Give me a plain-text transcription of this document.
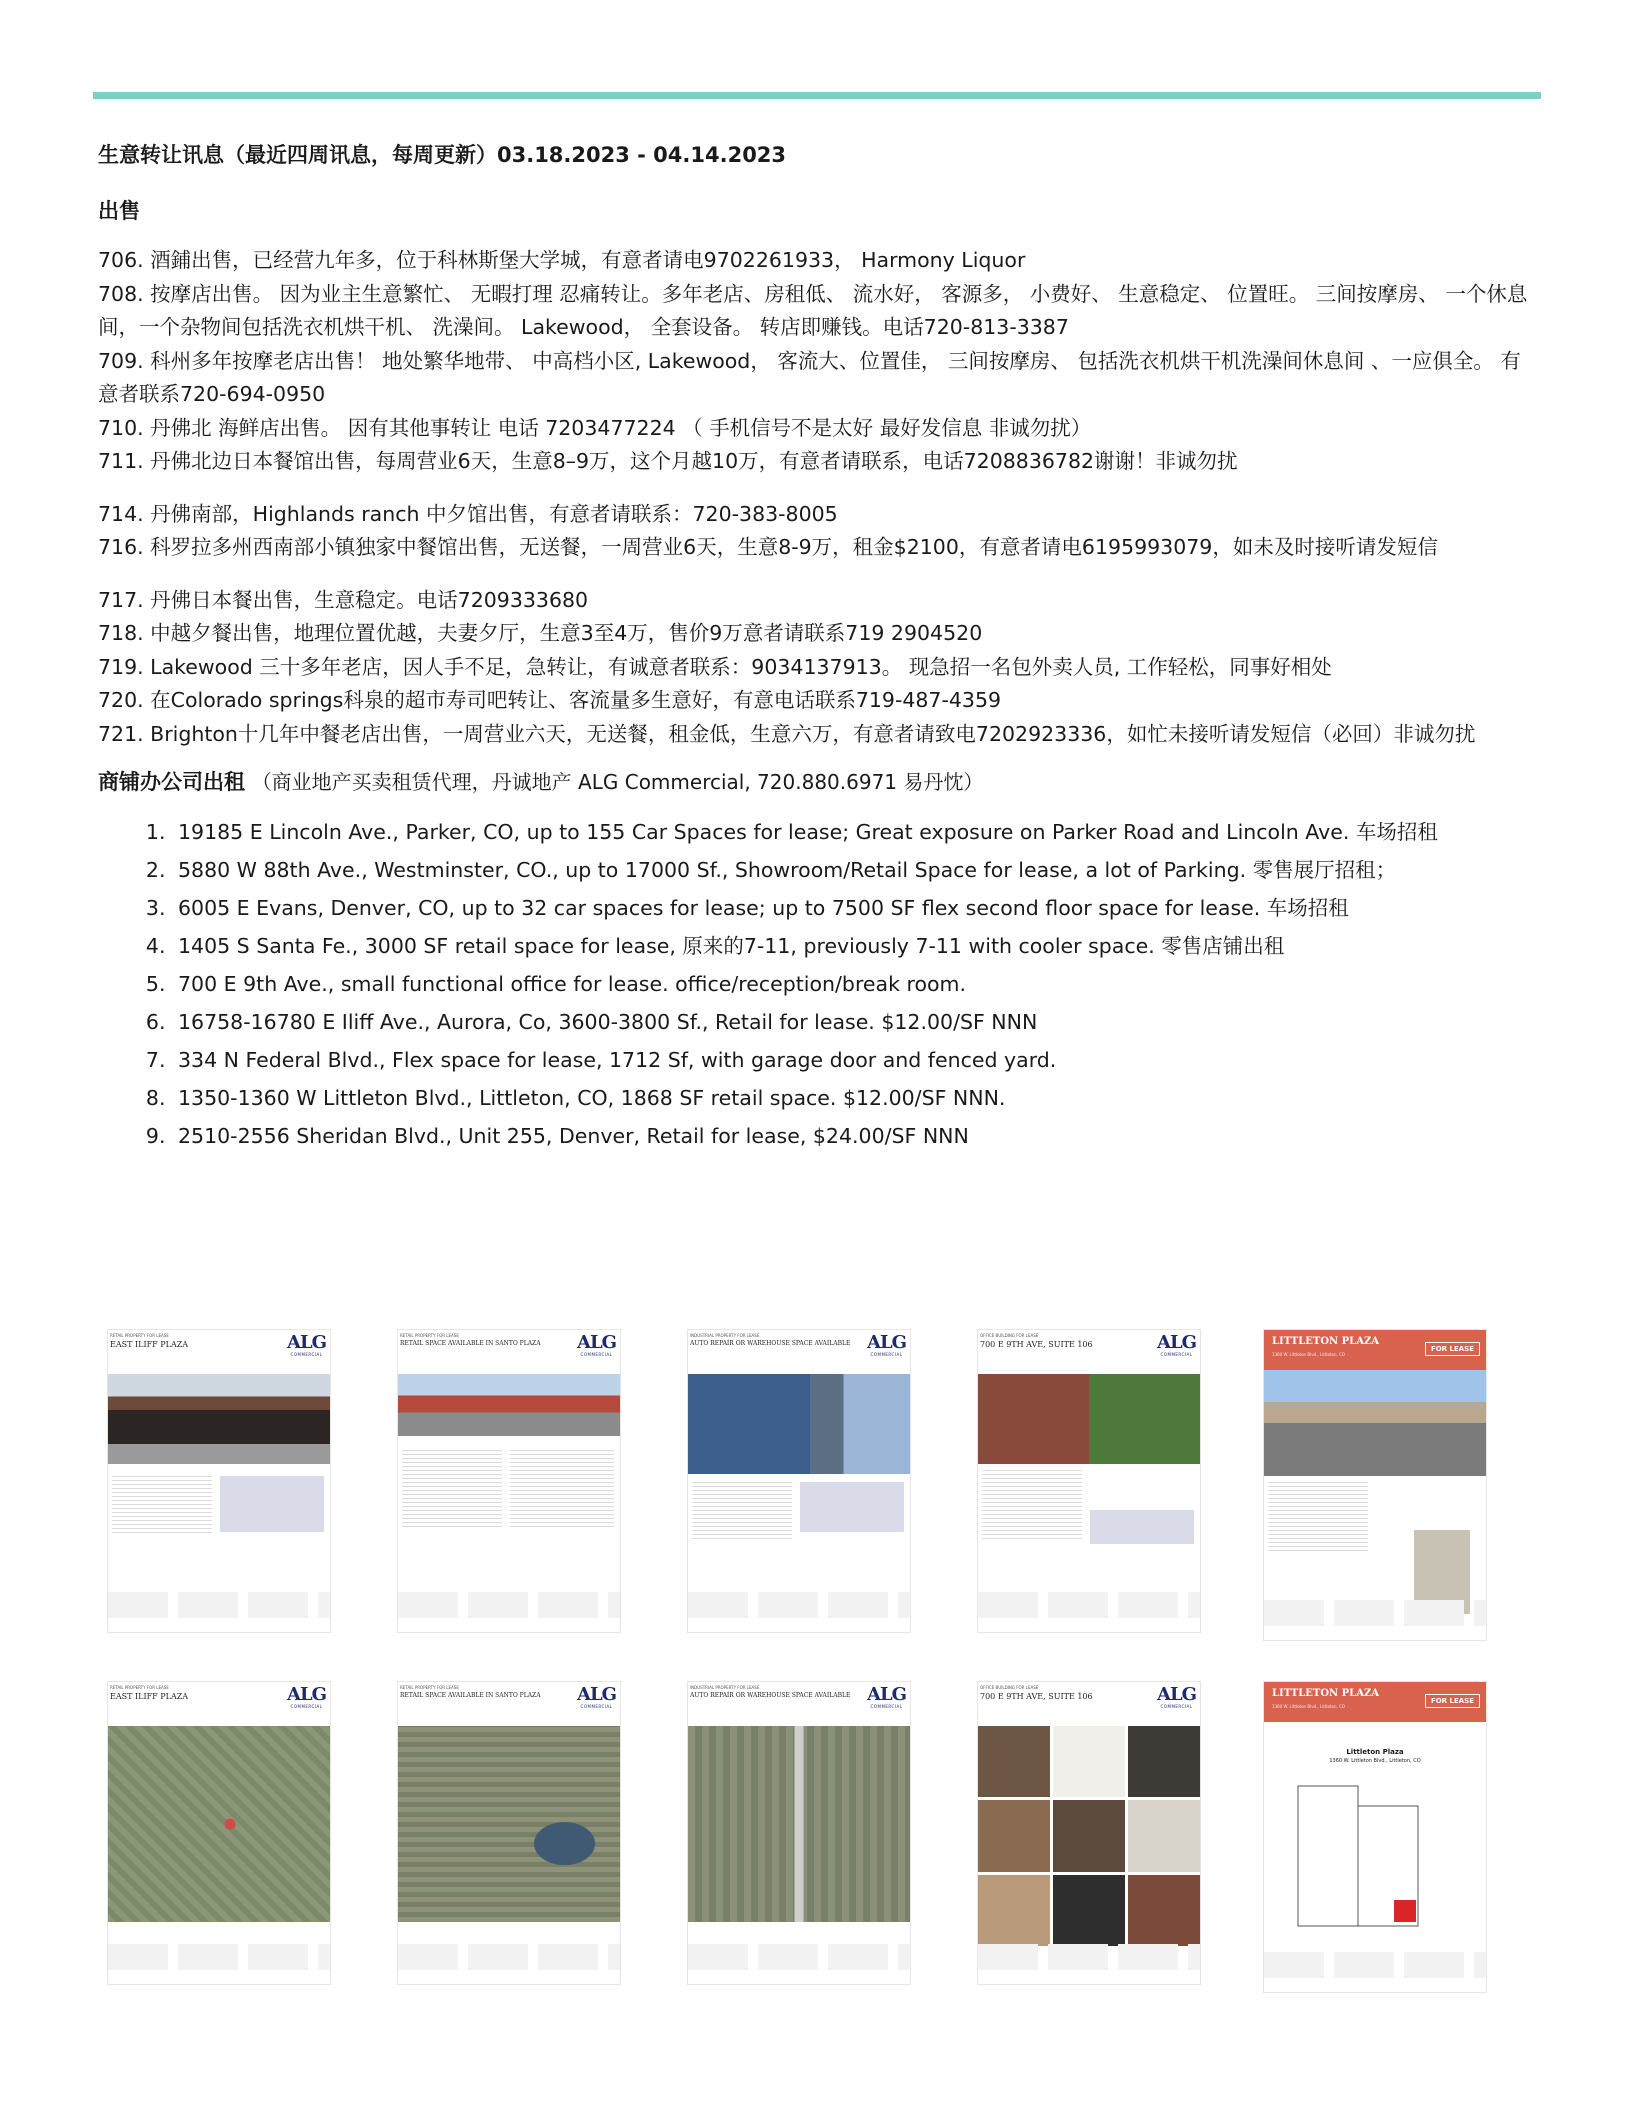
生意转让讯息（最近四周讯息，每周更新）03.18.2023 - 04.14.2023

出售

706. 酒鋪出售，已经营九年多，位于科林斯堡大学城，有意者请电9702261933， Harmony Liquor

708. 按摩店出售。 因为业主生意繁忙、 无暇打理 忍痛转让。多年老店、房租低、 流水好， 客源多， 小费好、 生意稳定、 位置旺。 三间按摩房、 一个休息间，一个杂物间包括洗衣机烘干机、 洗澡间。 Lakewood， 全套设备。 转店即赚钱。电话720-813-3387

709. 科州多年按摩老店出售！ 地处繁华地带、 中高档小区, Lakewood， 客流大、位置佳， 三间按摩房、 包括洗衣机烘干机洗澡间休息间 、一应俱全。 有意者联系720-694-0950

710. 丹佛北 海鲜店出售。 因有其他事转让 电话 7203477224 （ 手机信号不是太好 最好发信息 非诚勿扰）

711. 丹佛北边日本餐馆出售，每周营业6天，生意8–9万，这个月越10万，有意者请联系，电话7208836782谢谢！非诚勿扰

714. 丹佛南部，Highlands ranch 中夕馆出售，有意者请联系：720-383-8005

716. 科罗拉多州西南部小镇独家中餐馆出售，无送餐，一周营业6天，生意8-9万，租金$2100，有意者请电6195993079，如未及时接听请发短信

717. 丹佛日本餐出售，生意稳定。电话7209333680

718. 中越夕餐出售，地理位置优越，夫妻夕厅，生意3至4万，售价9万意者请联系719 2904520

719. Lakewood 三十多年老店，因人手不足，急转让，有诚意者联系：9034137913。 现急招一名包外卖人员, 工作轻松，同事好相处

720. 在Colorado springs科泉的超市寿司吧转让、客流量多生意好，有意电话联系719-487-4359

721. Brighton十几年中餐老店出售，一周营业六天，无送餐，租金低，生意六万，有意者请致电7202923336，如忙未接听请发短信（必回）非诚勿扰

商铺办公司出租 （商业地产买卖租赁代理，丹诚地产 ALG Commercial, 720.880.6971 易丹忱）

1. 19185 E Lincoln Ave., Parker, CO, up to 155 Car Spaces for lease; Great exposure on Parker Road and Lincoln Ave. 车场招租
2. 5880 W 88th Ave., Westminster, CO., up to 17000 Sf., Showroom/Retail Space for lease, a lot of Parking. 零售展厅招租；
3. 6005 E Evans, Denver, CO, up to 32 car spaces for lease; up to 7500 SF flex second floor space for lease. 车场招租
4. 1405 S Santa Fe., 3000 SF retail space for lease, 原来的7-11, previously 7-11 with cooler space. 零售店铺出租
5. 700 E 9th Ave., small functional office for lease. office/reception/break room.
6. 16758-16780 E Iliff Ave., Aurora, Co, 3600-3800 Sf., Retail for lease. $12.00/SF NNN
7. 334 N Federal Blvd., Flex space for lease, 1712 Sf, with garage door and fenced yard.
8. 1350-1360 W Littleton Blvd., Littleton, CO, 1868 SF retail space. $12.00/SF NNN.
9. 2510-2556 Sheridan Blvd., Unit 255, Denver, Retail for lease, $24.00/SF NNN
RETAIL PROPERTY FOR LEASE
EAST ILIFF PLAZA	ALG
COMMERCIAL
RETAIL PROPERTY FOR LEASE
RETAIL SPACE AVAILABLE IN SANTO PLAZA ALG
COMMERCIAL
INDUSTRIAL PROPERTY FOR LEASE
AUTO REPAIR OR WAREHOUSE SPACE AVAILABLE ALG
COMMERCIAL
OFFICE BUILDING FOR LEASE
700 E 9TH AVE, SUITE 106	ALG
COMMERCIAL
LITTLETON PLAZA
1360 W. Littleton Blvd., Littleton, CO
FOR LEASE
RETAIL PROPERTY FOR LEASE
EAST ILIFF PLAZA	ALG
COMMERCIAL
RETAIL PROPERTY FOR LEASE
RETAIL SPACE AVAILABLE IN SANTO PLAZA ALG
COMMERCIAL
INDUSTRIAL PROPERTY FOR LEASE
AUTO REPAIR OR WAREHOUSE SPACE AVAILABLE ALG
COMMERCIAL
OFFICE BUILDING FOR LEASE
700 E 9TH AVE, SUITE 106	ALG
COMMERCIAL
LITTLETON PLAZA
1360 W. Littleton Blvd., Littleton, CO
FOR LEASE
Littleton Plaza
1360 W. Littleton Blvd., Littleton, CO
